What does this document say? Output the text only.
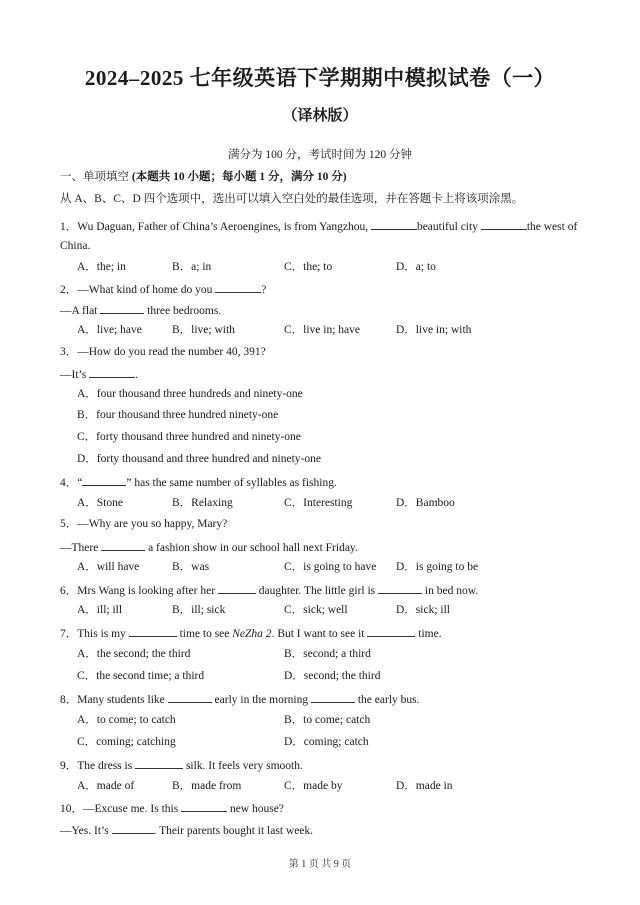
2024–2025 七年级英语下学期期中模拟试卷（一）
（译林版）
满分为 100 分，考试时间为 120 分钟
一、单项填空 (本题共 10 小题；每小题 1 分，满分 10 分)
从 A、B、C、D 四个选项中，选出可以填入空白处的最佳选项，并在答题卡上将该项涂黑。
1．Wu Daguan, Father of China’s Aeroengines, is from Yangzhou,	beautiful city	the west of
China.
A．the; in	B．a; in	C．the; to	D．a; to
2．—What kind of home do you	?
—A flat	three bedrooms.
A．live; have	B．live; with	C．live in; have	D．live in; with
3．—How do you read the number 40, 391?
—It’s	.
A．four thousand three hundreds and ninety-one
B．four thousand three hundred ninety-one
C．forty thousand three hundred and ninety-one
D．forty thousand and three hundred and ninety-one
4．“	” has the same number of syllables as fishing.
A．Stone	B．Relaxing	C．Interesting	D．Bamboo
5．—Why are you so happy, Mary?
—There	a fashion show in our school hall next Friday.
A．will have	B．was	C．is going to have D．is going to be
6．Mrs Wang is looking after her	daughter. The little girl is	in bed now.
A．ill; ill	B．ill; sick	C．sick; well	D．sick; ill
7．This is my	time to see NeZha 2. But I want to see it	time.
A．the second; the third	B．second; a third
C．the second time; a third	D．second; the third
8．Many students like	early in the morning	the early bus.
A．to come; to catch	B．to come; catch
C．coming; catching	D．coming; catch
9．The dress is	silk. It feels very smooth.
A．made of	B．made from	C．made by	D．made in
10．—Excuse me. Is this	new house?
—Yes. It’s	. Their parents bought it last week.
第 1 页 共 9 页
